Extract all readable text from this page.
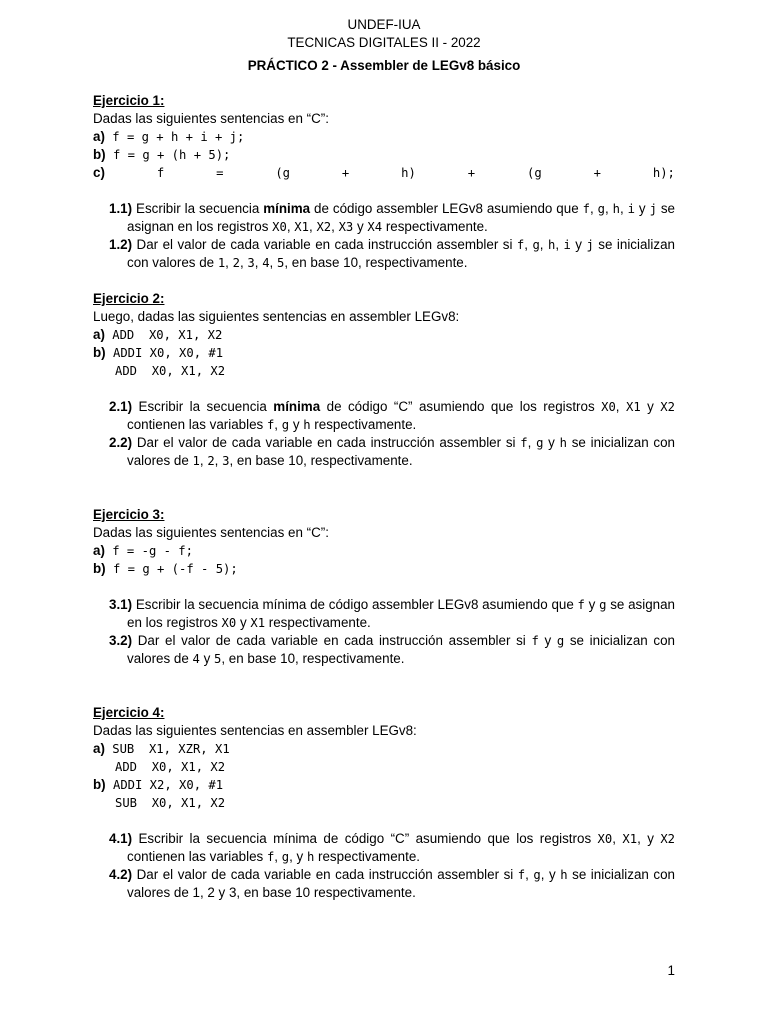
UNDEF-IUA
TECNICAS DIGITALES II - 2022
PRÁCTICO 2 - Assembler de LEGv8 básico
Ejercicio 1:
Dadas las siguientes sentencias en “C”:
a) f = g + h + i + j;
b) f = g + (h + 5);
c)	f	=	(g	+	h)	+	(g	+	h);
1.1) Escribir la secuencia mínima de código assembler LEGv8 asumiendo que f, g, h, i y j se asignan en los registros X0, X1, X2, X3 y X4 respectivamente.
1.2) Dar el valor de cada variable en cada instrucción assembler si f, g, h, i y j se inicializan con valores de 1, 2, 3, 4, 5, en base 10, respectivamente.
Ejercicio 2:
Luego, dadas las siguientes sentencias en assembler LEGv8:
a) ADD  X0, X1, X2
b) ADDI X0, X0, #1
ADD  X0, X1, X2
2.1) Escribir la secuencia mínima de código “C” asumiendo que los registros X0, X1 y X2 contienen las variables f, g y h respectivamente.
2.2) Dar el valor de cada variable en cada instrucción assembler si f, g y h se inicializan con valores de 1, 2, 3, en base 10, respectivamente.
Ejercicio 3:
Dadas las siguientes sentencias en “C”:
a) f = -g - f;
b) f = g + (-f - 5);
3.1) Escribir la secuencia mínima de código assembler LEGv8 asumiendo que f y g se asignan en los registros X0 y X1 respectivamente.
3.2) Dar el valor de cada variable en cada instrucción assembler si f y g se inicializan con valores de 4 y 5, en base 10, respectivamente.
Ejercicio 4:
Dadas las siguientes sentencias en assembler LEGv8:
a) SUB  X1, XZR, X1
ADD  X0, X1, X2
b) ADDI X2, X0, #1
SUB  X0, X1, X2
4.1) Escribir la secuencia mínima de código “C” asumiendo que los registros X0, X1, y X2 contienen las variables f, g, y h respectivamente.
4.2) Dar el valor de cada variable en cada instrucción assembler si f, g, y h se inicializan con valores de 1, 2 y 3, en base 10 respectivamente.
1
